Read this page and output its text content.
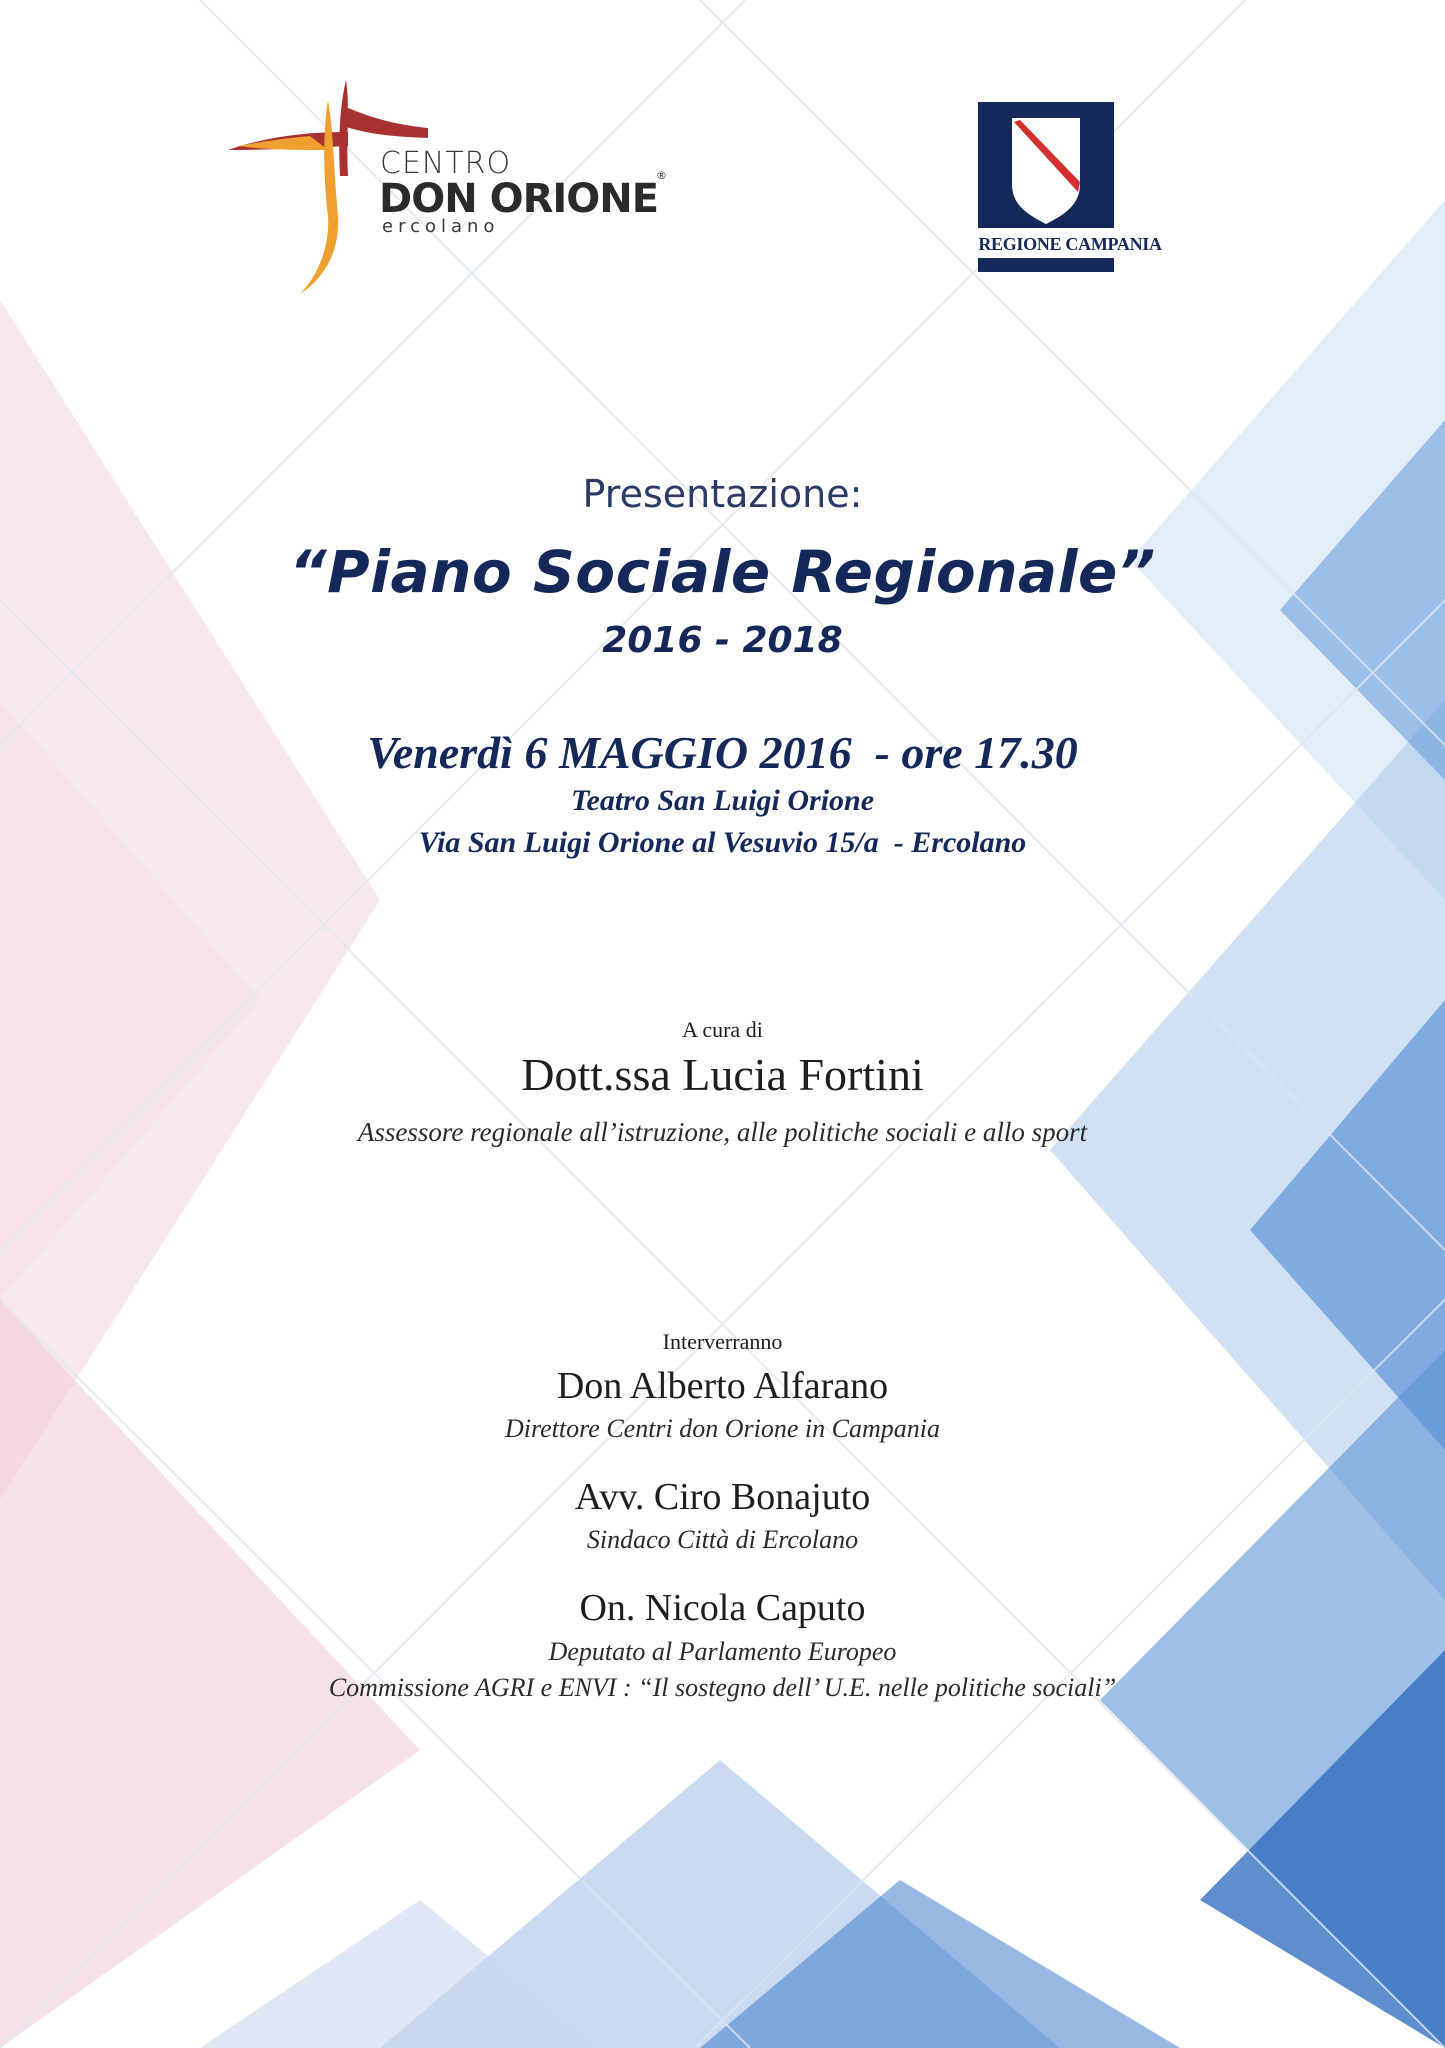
CENTRO
DON ORIONE
®
ercolano
REGIONE CAMPANIA
Presentazione:
“Piano Sociale Regionale”
2016 - 2018
Venerdì 6 MAGGIO 2016  - ore 17.30
Teatro San Luigi Orione
Via San Luigi Orione al Vesuvio 15/a  - Ercolano
A cura di
Dott.ssa Lucia Fortini
Assessore regionale all’istruzione, alle politiche sociali e allo sport
Interverranno
Don Alberto Alfarano
Direttore Centri don Orione in Campania
Avv. Ciro Bonajuto
Sindaco Città di Ercolano
On. Nicola Caputo
Deputato al Parlamento Europeo
Commissione AGRI e ENVI : “Il sostegno dell’ U.E. nelle politiche sociali”
